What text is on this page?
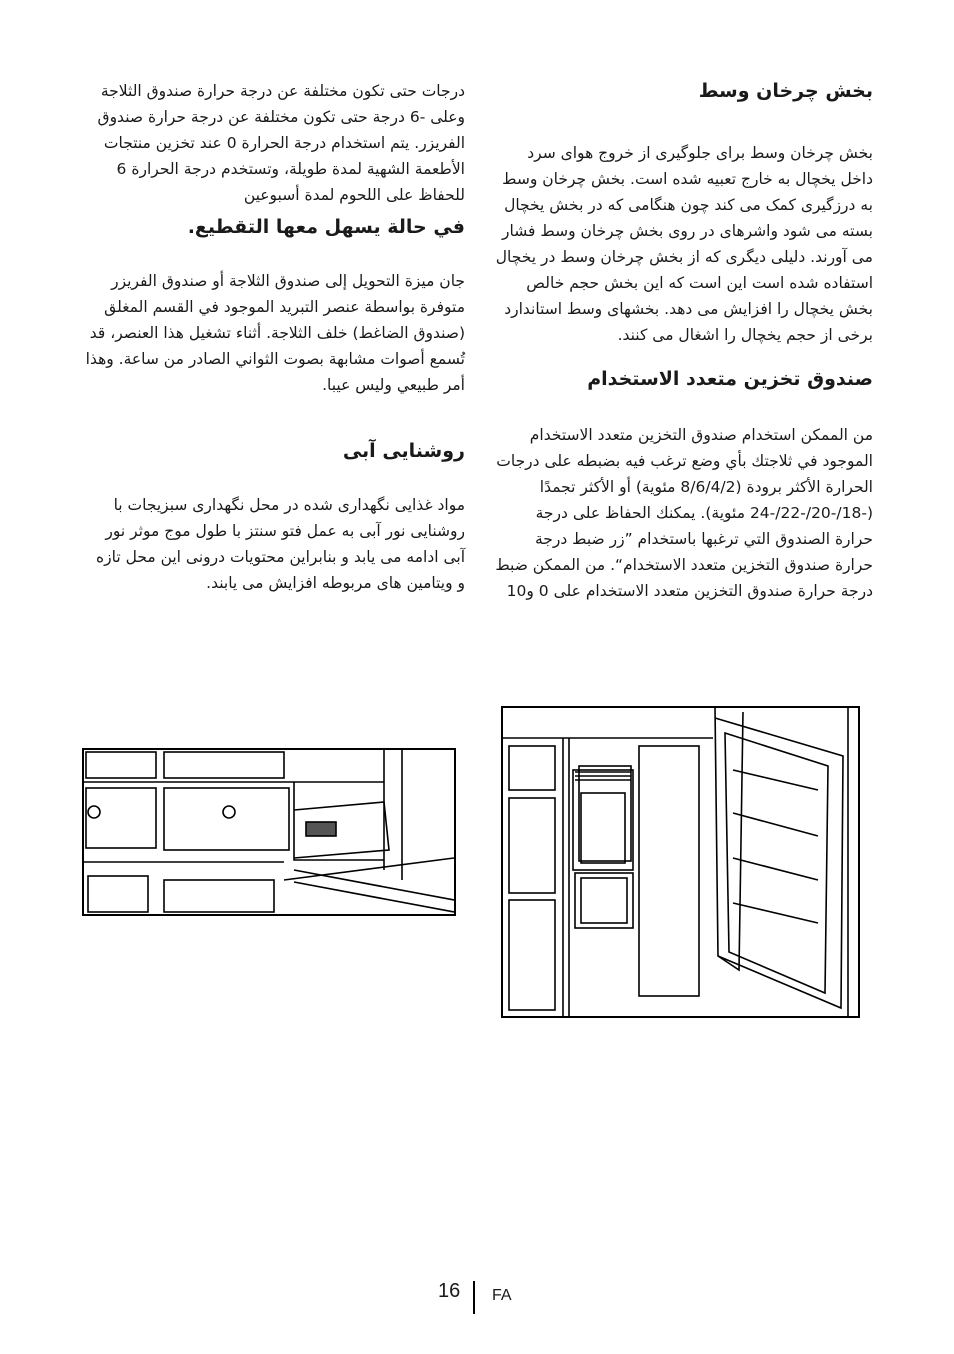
بخش چرخان وسط

بخش چرخان وسط برای جلوگیری از خروج هوای سرد داخل یخچال به خارج تعبیه شده است. بخش چرخان وسط به درزگیری کمک می کند چون هنگامی که در بخش یخچال بسته می شود واشرهای در روی بخش چرخان وسط فشار می آورند. دلیلی دیگری که از بخش چرخان وسط در یخچال استفاده شده است این است که این بخش حجم خالص بخش یخچال را افزایش می دهد. بخشهای وسط استاندارد برخی از حجم یخچال را اشغال می کنند.

صندوق تخزين متعدد الاستخدام

من الممكن استخدام صندوق التخزين متعدد الاستخدام الموجود في ثلاجتك بأي وضع ترغب فيه بضبطه على درجات الحرارة الأكثر برودة (8/6/4/2 مئوية) أو الأكثر تجمدًا (-18/-20/-22/-24 مئوية). يمكنك الحفاظ على درجة حرارة الصندوق التي ترغبها باستخدام ”زر ضبط درجة حرارة صندوق التخزين متعدد الاستخدام“. من الممكن ضبط درجة حرارة صندوق التخزين متعدد الاستخدام على 0 و10

درجات حتى تكون مختلفة عن درجة حرارة صندوق الثلاجة وعلى -6 درجة حتى تكون مختلفة عن درجة حرارة صندوق الفريزر. يتم استخدام درجة الحرارة 0 عند تخزين منتجات الأطعمة الشهية لمدة طويلة، وتستخدم درجة الحرارة 6 للحفاظ على اللحوم لمدة أسبوعين

في حالة يسهل معها التقطيع.

جان ميزة التحويل إلى صندوق الثلاجة أو صندوق الفريزر متوفرة بواسطة عنصر التبريد الموجود في القسم المغلق (صندوق الضاغط) خلف الثلاجة. أثناء تشغيل هذا العنصر، قد تُسمع أصوات مشابهة بصوت الثواني الصادر من ساعة. وهذا أمر طبيعي وليس عيبا.

روشنایی آبی

مواد غذایی نگهداری شده در محل نگهداری سبزیجات با روشنایی نور آبی به عمل فتو سنتز با طول موج موثر نور آبی ادامه می یابد و بنابراین محتویات درونی این محل تازه و ویتامین های مربوطه افزایش می یابند.

16 FA
